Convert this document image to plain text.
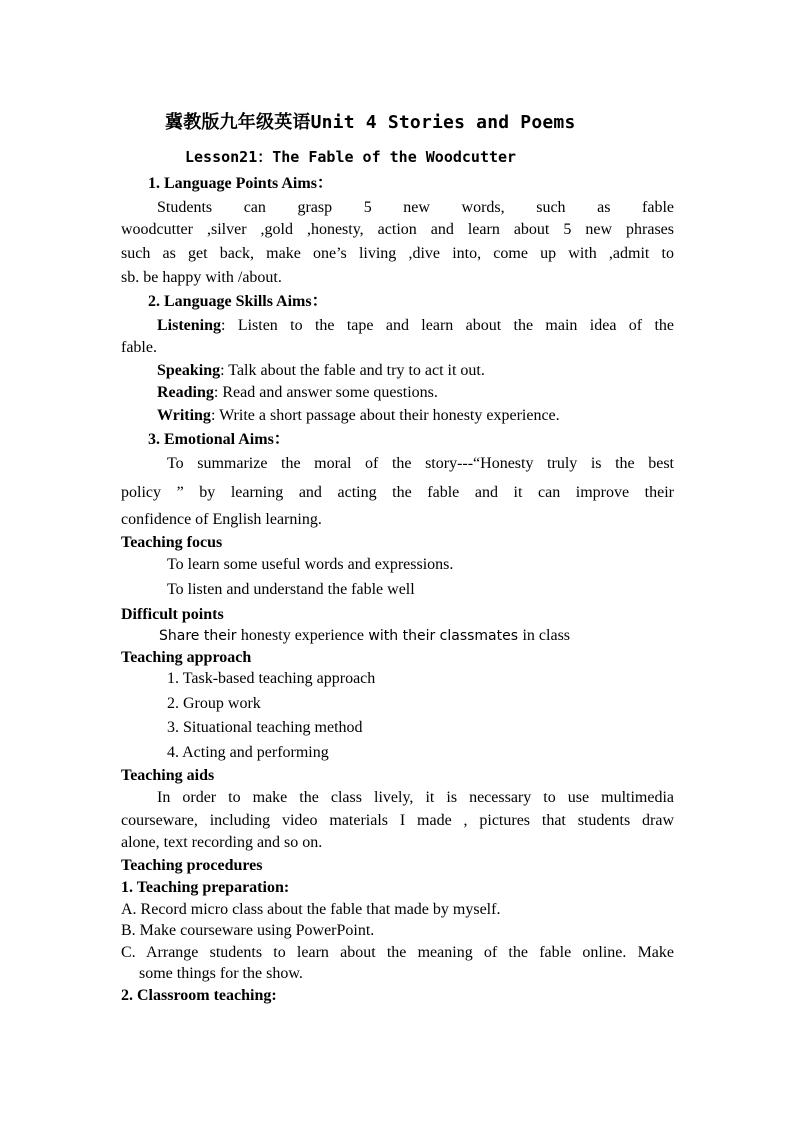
冀教版九年级英语Unit 4 Stories and Poems
Lesson21：The Fable of the Woodcutter
1. Language Points Aims：
Students can grasp 5 new words, such as fable
woodcutter ,silver ,gold ,honesty, action and learn about 5 new phrases
such as get back, make one’s living ,dive into, come up with ,admit to
sb. be happy with /about.
2. Language Skills Aims：
Listening: Listen to the tape and learn about the main idea of the
fable.
Speaking: Talk about the fable and try to act it out.
Reading: Read and answer some questions.
Writing: Write a short passage about their honesty experience.
3. Emotional Aims：
To summarize the moral of the story---“Honesty truly is the best
policy ” by learning and acting the fable and it can improve their
confidence of English learning.
Teaching focus
To learn some useful words and expressions.
To listen and understand the fable well
Difficult points
Share their honesty experience with their classmates in class
Teaching approach
1. Task-based teaching approach
2. Group work
3. Situational teaching method
4. Acting and performing
Teaching aids
In order to make the class lively, it is necessary to use multimedia
courseware, including video materials I made , pictures that students draw
alone, text recording and so on.
Teaching procedures
1. Teaching preparation:
A. Record micro class about the fable that made by myself.
B. Make courseware using PowerPoint.
C. Arrange students to learn about the meaning of the fable online. Make
some things for the show.
2. Classroom teaching:
